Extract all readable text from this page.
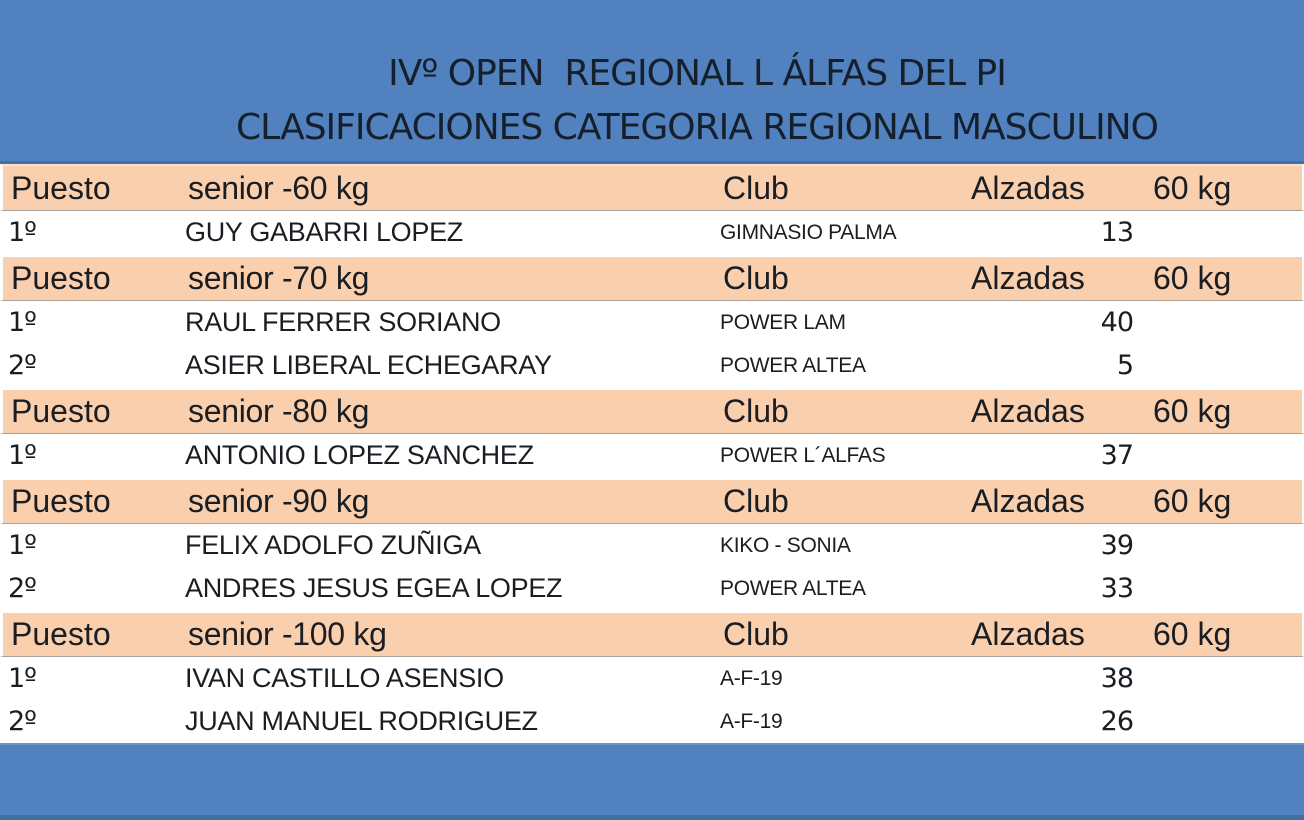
IVº OPEN  REGIONAL L ÁLFAS DEL PI
CLASIFICACIONES CATEGORIA REGIONAL MASCULINO
Puesto	senior -60 kg	Club	Alzadas	60 kg
1º	GUY GABARRI LOPEZ	GIMNASIO PALMA	13
Puesto	senior -70 kg	Club	Alzadas	60 kg
1º	RAUL FERRER SORIANO	POWER LAM	40
2º	ASIER LIBERAL ECHEGARAY	POWER ALTEA	5
Puesto	senior -80 kg	Club	Alzadas	60 kg
1º	ANTONIO LOPEZ SANCHEZ	POWER L´ALFAS	37
Puesto	senior -90 kg	Club	Alzadas	60 kg
1º	FELIX ADOLFO ZUÑIGA	KIKO - SONIA	39
2º	ANDRES JESUS EGEA LOPEZ	POWER ALTEA	33
Puesto	senior -100 kg	Club	Alzadas	60 kg
1º	IVAN CASTILLO ASENSIO	A-F-19	38
2º	JUAN MANUEL RODRIGUEZ	A-F-19	26
